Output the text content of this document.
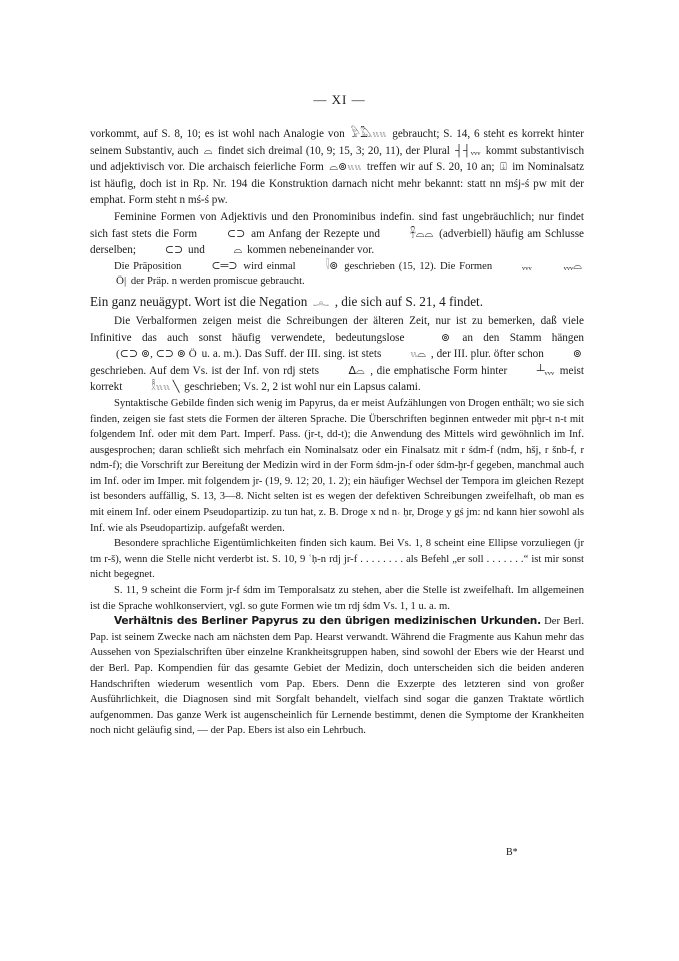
— XI —

vorkommt, auf S. 8, 10; es ist wohl nach Analogie von 𓅱𓅓𓏭𓏭 gebraucht; S. 14, 6 steht es korrekt hinter seinem Substantiv, auch ⌓ findet sich dreimal (10, 9; 15, 3; 20, 11), der Plural ┤┤ᵥᵥᵥ kommt substantivisch und adjektivisch vor. Die archaisch feierliche Form ⌓⊚𓏭𓏭 treffen wir auf S. 20, 10 an; ⍗ im Nominalsatz ist häufig, doch ist in Rp. Nr. 194 die Konstruktion darnach nicht mehr bekannt: statt nn mśj-ś pw mit der emphat. Form steht n mś-ś pw.

Feminine Formen von Adjektivis und den Pronominibus indefin. sind fast ungebräuchlich; nur findet sich fast stets die Form	⊂⊃ am Anfang der Rezepte und	𓋹⌓⌓ (adverbiell) häufig am Schlusse derselben;	⊂⊃ und	⌓ kommen nebeneinander vor.

Die Präposition	⊂═⊃ wird einmal	𓇋⊚ geschrieben (15, 12). Die Formen	ᵥᵥᵥ	ᵥᵥᵥ⌓ Ö| der Präp. n werden promiscue gebraucht.

Ein ganz neuägypt. Wort ist die Negation 𓂜 , die sich auf S. 21, 4 findet.

Die Verbalformen zeigen meist die Schreibungen der älteren Zeit, nur ist zu bemerken, daß viele Infinitive das auch sonst häufig verwendete, bedeutungslose	⊚ an den Stamm hängen (⊂⊃ ⊚, ⊂⊃ ⊚ Ö u. a. m.). Das Suff. der III. sing. ist stets	𓏭⌓ , der III. plur. öfter schon	⊚ geschrieben. Auf dem Vs. ist der Inf. von rdj stets	ᐃ⌓ , die emphatische Form hinter	┴ᵥᵥᵥ meist korrekt	𓎛𓏭𓏭 ╲ geschrieben; Vs. 2, 2 ist wohl nur ein Lapsus calami.

Syntaktische Gebilde finden sich wenig im Papyrus, da er meist Aufzählungen von Drogen enthält; wo sie sich finden, zeigen sie fast stets die Formen der älteren Sprache. Die Überschriften beginnen entweder mit pḫr-t n-t mit folgendem Inf. oder mit dem Part. Imperf. Pass. (jr-t, dd-t); die Anwendung des Mittels wird gewöhnlich im Inf. ausgesprochen; daran schließt sich mehrfach ein Nominalsatz oder ein Finalsatz mit r śdm-f (ndm, hšj, r šnb-f, r ndm-f); die Vorschrift zur Bereitung der Medizin wird in der Form śdm-jn-f oder śdm-ḫr-f gegeben, manchmal auch im Inf. oder im Imper. mit folgendem jr- (19, 9. 12; 20, 1. 2); ein häufiger Wechsel der Tempora im gleichen Rezept ist besonders auffällig, S. 13, 3—8. Nicht selten ist es wegen der defektiven Schreibungen zweifelhaft, ob man es mit einem Inf. oder einem Pseudopartizip. zu tun hat, z. B. Droge x nd n˓ ḥr, Droge y gś jm: nd kann hier sowohl als Inf. wie als Pseudopartizip. aufgefaßt werden.

Besondere sprachliche Eigentümlichkeiten finden sich kaum. Bei Vs. 1, 8 scheint eine Ellipse vorzuliegen (jr tm r-š), wenn die Stelle nicht verderbt ist. S. 10, 9 ʿḥ-n rdj jr-f . . . . . . . . als Befehl „er soll . . . . . . .“ ist mir sonst nicht begegnet.

S. 11, 9 scheint die Form jr-f śdm im Temporalsatz zu stehen, aber die Stelle ist zweifelhaft. Im allgemeinen ist die Sprache wohlkonserviert, vgl. so gute Formen wie tm rdj śdm Vs. 1, 1 u. a. m.

Verhältnis des Berliner Papyrus zu den übrigen medizinischen Urkunden. Der Berl. Pap. ist seinem Zwecke nach am nächsten dem Pap. Hearst verwandt. Während die Fragmente aus Kahun mehr das Aussehen von Spezialschriften über einzelne Krankheitsgruppen haben, sind sowohl der Ebers wie der Hearst und der Berl. Pap. Kompendien für das gesamte Gebiet der Medizin, doch unterscheiden sich die beiden anderen Handschriften wiederum wesentlich vom Pap. Ebers. Denn die Exzerpte des letzteren sind von großer Ausführlichkeit, die Diagnosen sind mit Sorgfalt behandelt, vielfach sind sogar die ganzen Traktate wörtlich aufgenommen. Das ganze Werk ist augenscheinlich für Lernende bestimmt, denen die Symptome der Krankheiten noch nicht geläufig sind, — der Pap. Ebers ist also ein Lehrbuch.

B*
